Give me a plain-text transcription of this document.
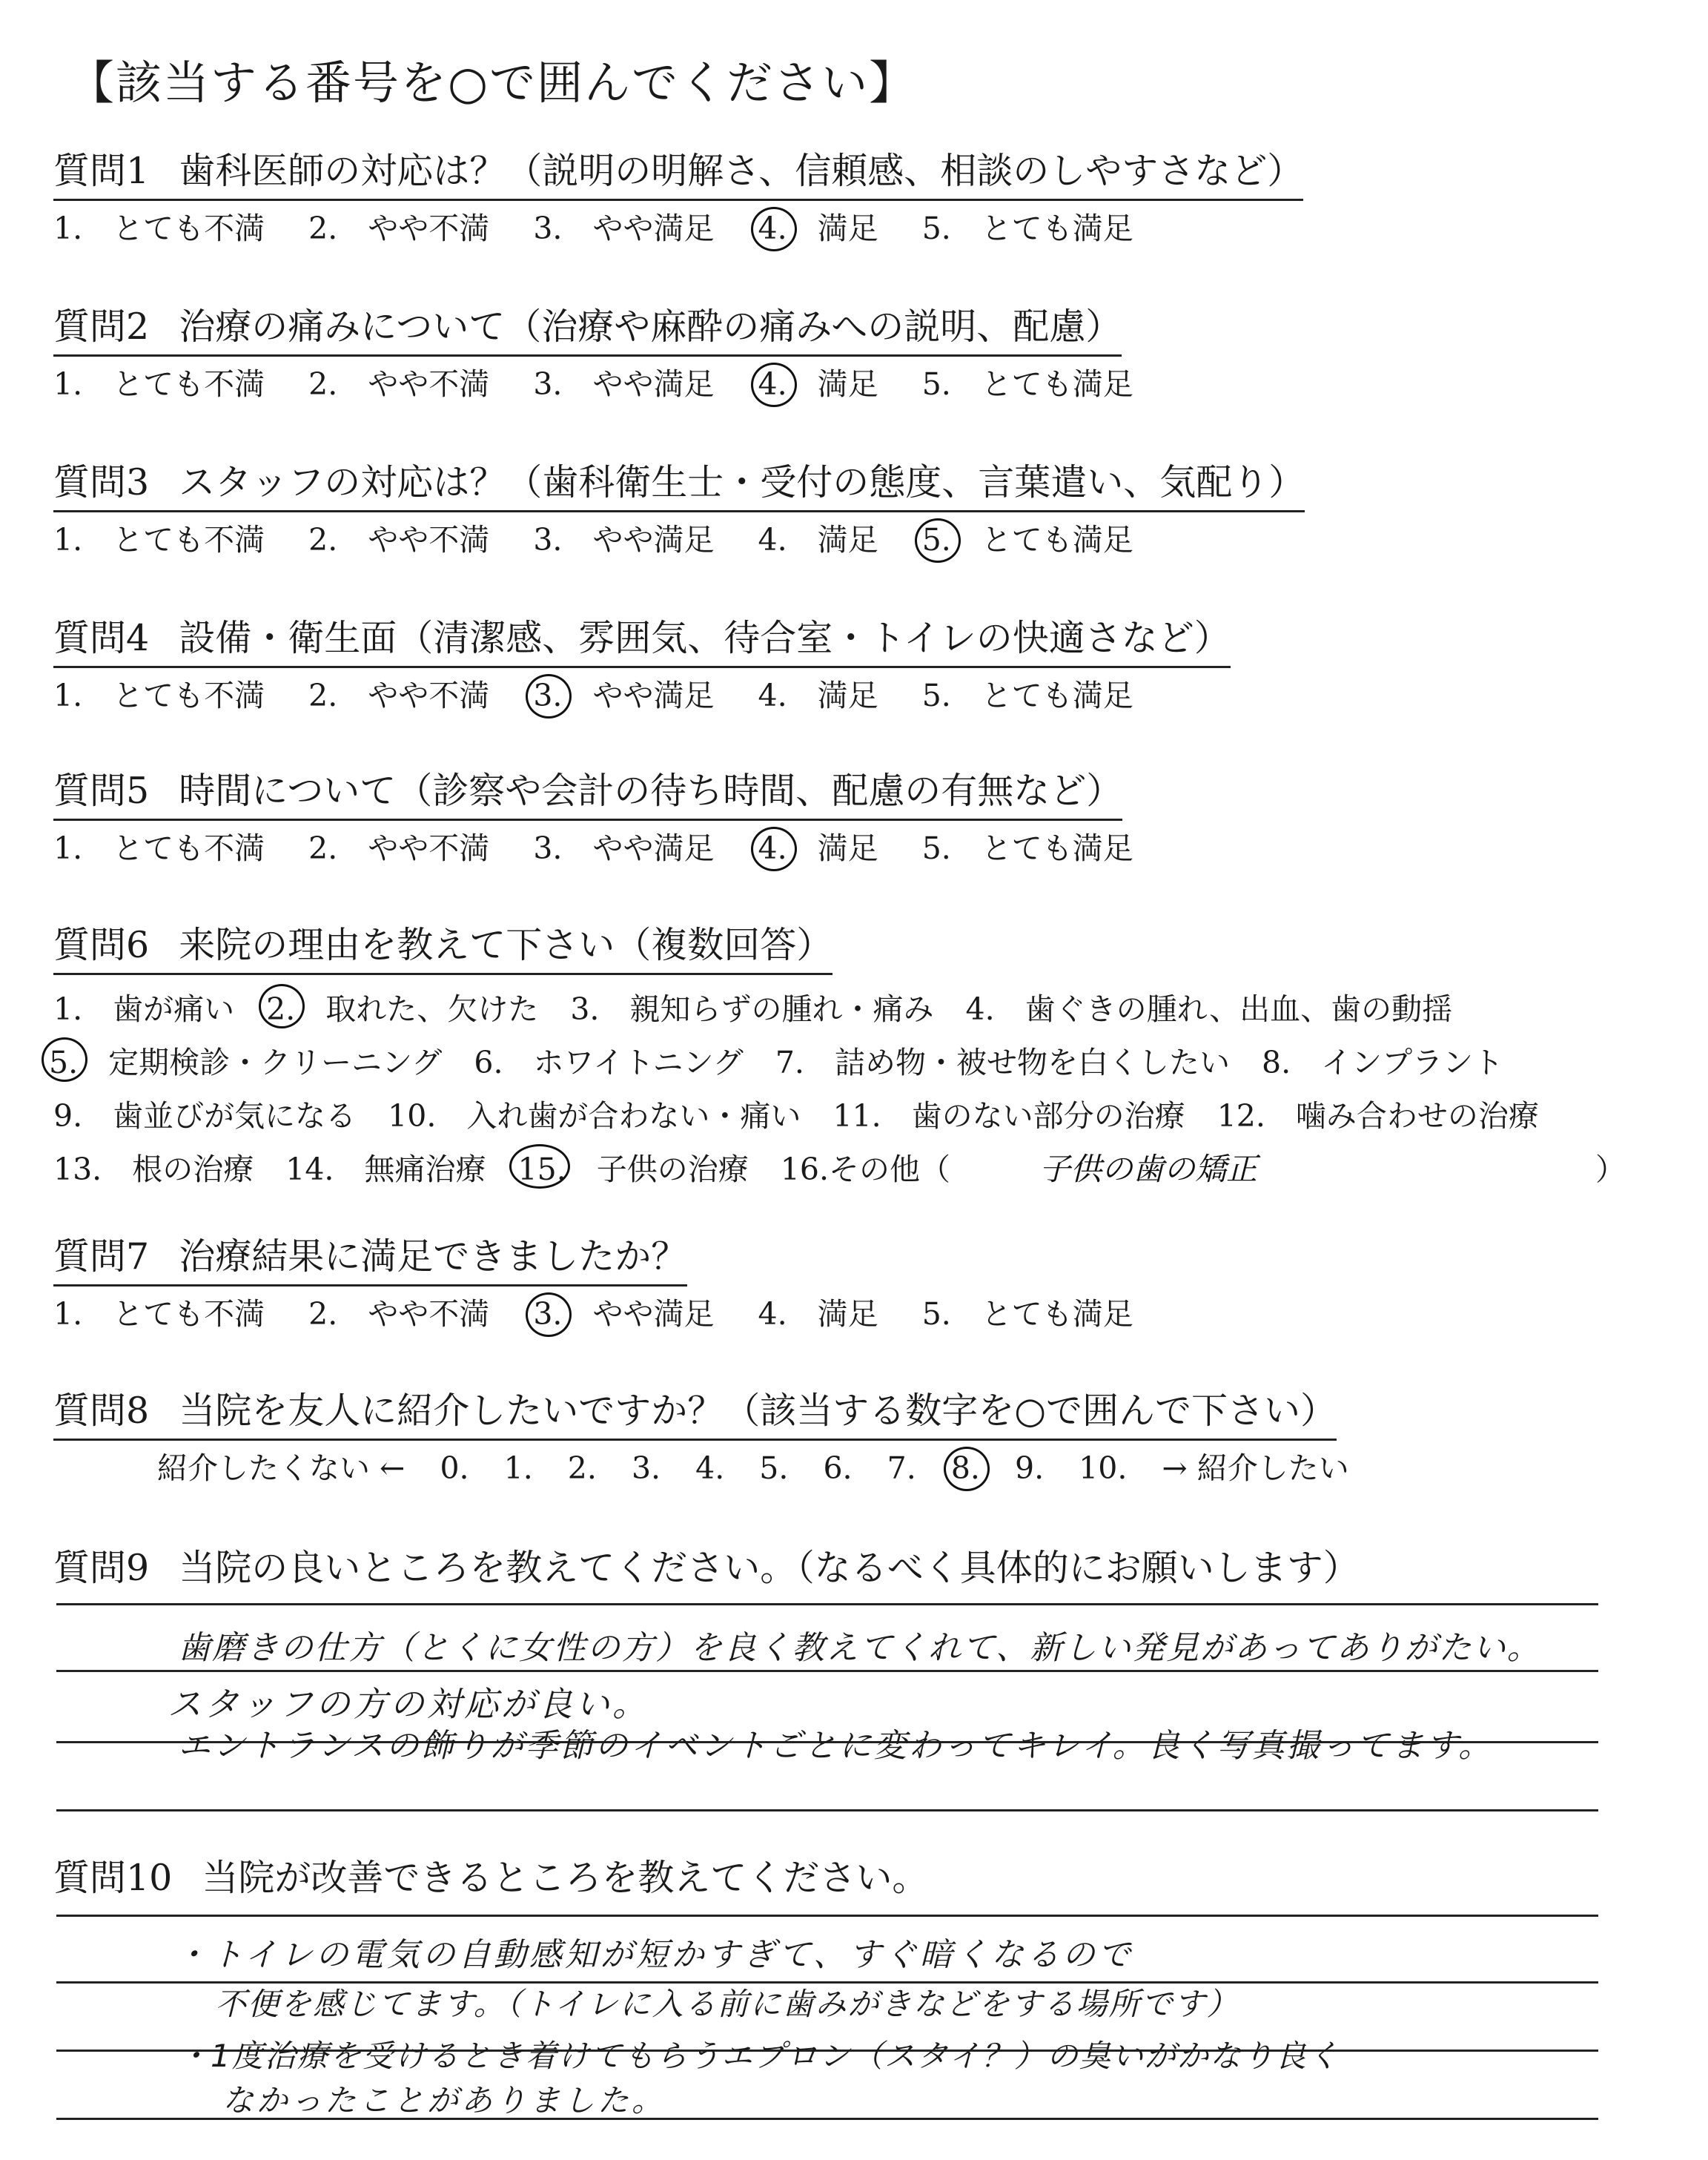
【該当する番号を○で囲んでください】
質問1 歯科医師の対応は？（説明の明解さ、信頼感、相談のしやすさなど）
1.　とても不満 2.　やや不満 3.　やや満足 4.　満足 5.　とても満足
質問2 治療の痛みについて（治療や麻酔の痛みへの説明、配慮）
1.　とても不満 2.　やや不満 3.　やや満足 4.　満足 5.　とても満足
質問3 スタッフの対応は？（歯科衛生士・受付の態度、言葉遣い、気配り）
1.　とても不満 2.　やや不満 3.　やや満足 4.　満足 5.　とても満足
質問4 設備・衛生面（清潔感、雰囲気、待合室・トイレの快適さなど）
1.　とても不満 2.　やや不満 3.　やや満足 4.　満足 5.　とても満足
質問5 時間について（診察や会計の待ち時間、配慮の有無など）
1.　とても不満 2.　やや不満 3.　やや満足 4.　満足 5.　とても満足
質問6 来院の理由を教えて下さい（複数回答）
1.　 歯が痛い 2.　 取れた、欠けた 3.　 親知らずの腫れ・痛み 4.　 歯ぐきの腫れ、出血、歯の動揺
5.　 定期検診・クリーニング 6.　 ホワイトニング 7.　 詰め物・被せ物を白くしたい 8.　 インプラント
9.　 歯並びが気になる 10.　 入れ歯が合わない・痛い 11.　 歯のない部分の治療 12.　 噛み合わせの治療
13.　 根の治療 14.　 無痛治療 15.　 子供の治療 16.その他（	子供の歯の矯正	）
質問7 治療結果に満足できましたか？
1.　とても不満 2.　やや不満 3.　やや満足 4.　満足 5.　とても満足
質問8 当院を友人に紹介したいですか？（該当する数字を○で囲んで下さい）
紹介したくない ← 0. 1. 2. 3. 4. 5. 6. 7. 8. 9. 10. → 紹介したい
質問9 当院の良いところを教えてください。（なるべく具体的にお願いします）
歯磨きの仕方（とくに女性の方）を良く教えてくれて、新しい発見があってありがたい。
スタッフの方の対応が良い。
エントランスの飾りが季節のイベントごとに変わってキレイ。良く写真撮ってます。
質問10 当院が改善できるところを教えてください。
・トイレの電気の自動感知が短かすぎて、すぐ暗くなるので
不便を感じてます。（トイレに入る前に歯みがきなどをする場所です）
・1度治療を受けるとき着けてもらうエプロン（スタイ？）の臭いがかなり良く
なかったことがありました。
